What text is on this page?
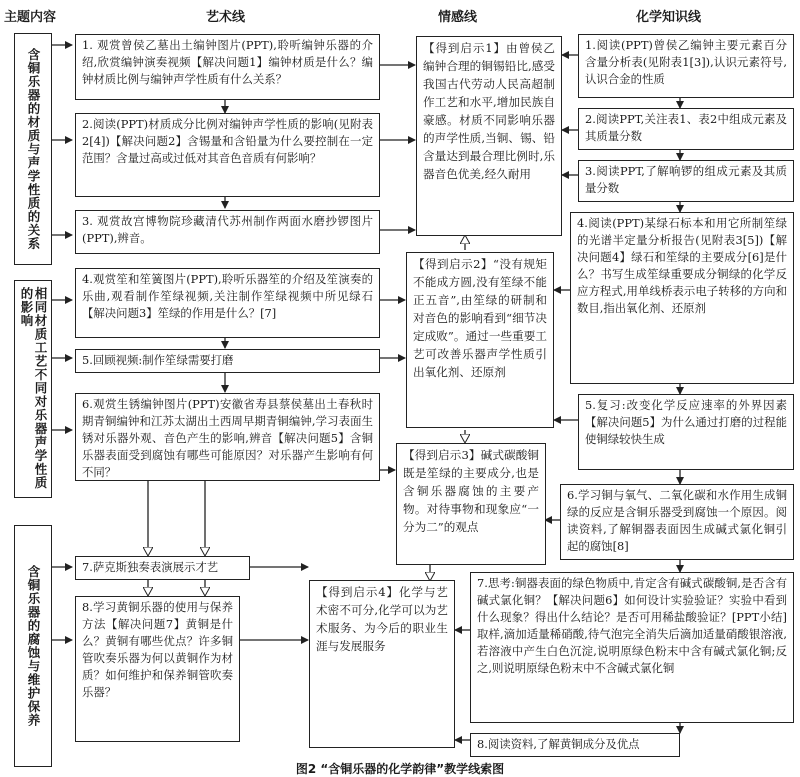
主题内容	艺术线	情感线	化学知识线
含铜乐器的材质与声学性质的关系
相同材质工艺不同对乐器声学性质的影响
含铜乐器的腐蚀与维护保养
1. 观赏曾侯乙墓出土编钟图片(PPT),聆听编钟乐器的介绍,欣赏编钟演奏视频【解决问题1】编钟材质是什么？编钟材质比例与编钟声学性质有什么关系？
2.阅读(PPT)材质成分比例对编钟声学性质的影响(见附表2[4])【解决问题2】含锡量和含铅量为什么要控制在一定范围？含量过高或过低对其音色音质有何影响？
3. 观赏故宫博物院珍藏清代苏州制作两面水磨抄锣图片(PPT),辨音。
4.观赏笙和笙簧图片(PPT),聆听乐器笙的介绍及笙演奏的乐曲,观看制作笙绿视频,关注制作笙绿视频中所见绿石【解决问题3】笙绿的作用是什么？[7]
5.回顾视频:制作笙绿需要打磨
6.观赏生锈编钟图片(PPT)安徽省寿县蔡侯墓出土春秋时期青铜编钟和江苏太湖出土西周早期青铜编钟,学习表面生锈对乐器外观、音色产生的影响,辨音【解决问题5】含铜乐器表面受到腐蚀有哪些可能原因？对乐器产生影响有何不同？
7.萨克斯独奏表演展示才艺
8.学习黄铜乐器的使用与保养方法【解决问题7】黄铜是什么？黄铜有哪些优点？许多铜管吹奏乐器为何以黄铜作为材质？如何维护和保养铜管吹奏乐器？
【得到启示1】由曾侯乙编钟合理的铜锡铅比,感受我国古代劳动人民高超制作工艺和水平,增加民族自豪感。材质不同影响乐器的声学性质,当铜、锡、铅含量达到最合理比例时,乐器音色优美,经久耐用
【得到启示2】“没有规矩不能成方圆,没有笙绿不能正五音”,由笙绿的研制和对音色的影响看到“细节决定成败”。通过一些重要工艺可改善乐器声学性质引出氧化剂、还原剂
【得到启示3】碱式碳酸铜既是笙绿的主要成分,也是含铜乐器腐蚀的主要产物。对待事物和现象应“一分为二”的观点
【得到启示4】化学与艺术密不可分,化学可以为艺术服务、为今后的职业生涯与发展服务
1.阅读(PPT)曾侯乙编钟主要元素百分含量分析表(见附表1[3]),认识元素符号,认识合金的性质
2.阅读PPT,关注表1、表2中组成元素及其质量分数
3.阅读PPT,了解响锣的组成元素及其质量分数
4.阅读(PPT)某绿石标本和用它所制笙绿的光谱半定量分析报告(见附表3[5])【解决问题4】绿石和笙绿的主要成分[6]是什么？书写生成笙绿重要成分铜绿的化学反应方程式,用单线桥表示电子转移的方向和数目,指出氧化剂、还原剂
5.复习:改变化学反应速率的外界因素【解决问题5】为什么通过打磨的过程能使铜绿较快生成
6.学习铜与氧气、二氧化碳和水作用生成铜绿的反应是含铜乐器受到腐蚀一个原因。阅读资料,了解铜器表面因生成碱式氯化铜引起的腐蚀[8]
7.思考:铜器表面的绿色物质中,肯定含有碱式碳酸铜,是否含有碱式氯化铜？【解决问题6】如何设计实验验证？实验中看到什么现象？得出什么结论？是否可用稀盐酸验证？[PPT小结]取样,滴加适量稀硝酸,待气泡完全消失后滴加适量硝酸银溶液,若溶液中产生白色沉淀,说明原绿色粉末中含有碱式氯化铜;反之,则说明原绿色粉末中不含碱式氯化铜
8.阅读资料,了解黄铜成分及优点
图2 “含铜乐器的化学韵律”教学线索图
